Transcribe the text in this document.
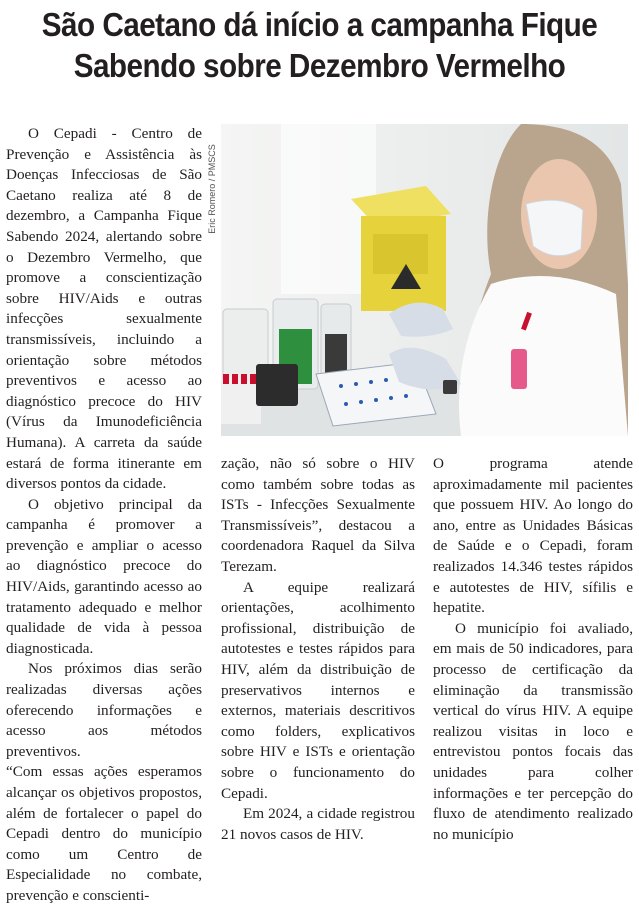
São Caetano dá início a campanha Fique Sabendo sobre Dezembro Vermelho
Eric Romero / PMSCS

O Cepadi - Centro de Prevenção e Assistência às Doenças Infecciosas de São Caetano realiza até 8 de dezembro, a Campanha Fique Sabendo 2024, alertando sobre o Dezembro Vermelho, que promove a conscientização sobre HIV/Aids e outras infecções sexualmente transmissíveis, incluindo a orientação sobre métodos preventivos e acesso ao diagnóstico precoce do HIV (Vírus da Imunodeficiência Humana). A carreta da saúde estará de forma itinerante em diversos pontos da cidade.

O objetivo principal da campanha é promover a prevenção e ampliar o acesso ao diagnóstico precoce do HIV/Aids, garantindo acesso ao tratamento adequado e melhor qualidade de vida à pessoa diagnosticada.

Nos próximos dias serão realizadas diversas ações oferecendo informações e acesso aos métodos preventivos.

“Com essas ações esperamos alcançar os objetivos propostos, além de fortalecer o papel do Cepadi dentro do município como um Centro de Especialidade no combate, prevenção e conscienti-

zação, não só sobre o HIV como também sobre todas as ISTs - Infecções Sexualmente Transmissíveis”, destacou a coordenadora Raquel da Silva Terezam.

A equipe realizará orientações, acolhimento profissional, distribuição de autotestes e testes rápidos para HIV, além da distribuição de preservativos internos e externos, materiais descritivos como folders, explicativos sobre HIV e ISTs e orientação sobre o funcionamento do Cepadi.

Em 2024, a cidade registrou 21 novos casos de HIV.

O programa atende aproximadamente mil pacientes que possuem HIV. Ao longo do ano, entre as Unidades Básicas de Saúde e o Cepadi, foram realizados 14.346 testes rápidos e autotestes de HIV, sífilis e hepatite.

O município foi avaliado, em mais de 50 indicadores, para processo de certificação da eliminação da transmissão vertical do vírus HIV. A equipe realizou visitas in loco e entrevistou pontos focais das unidades para colher informações e ter percepção do fluxo de atendimento realizado no município
